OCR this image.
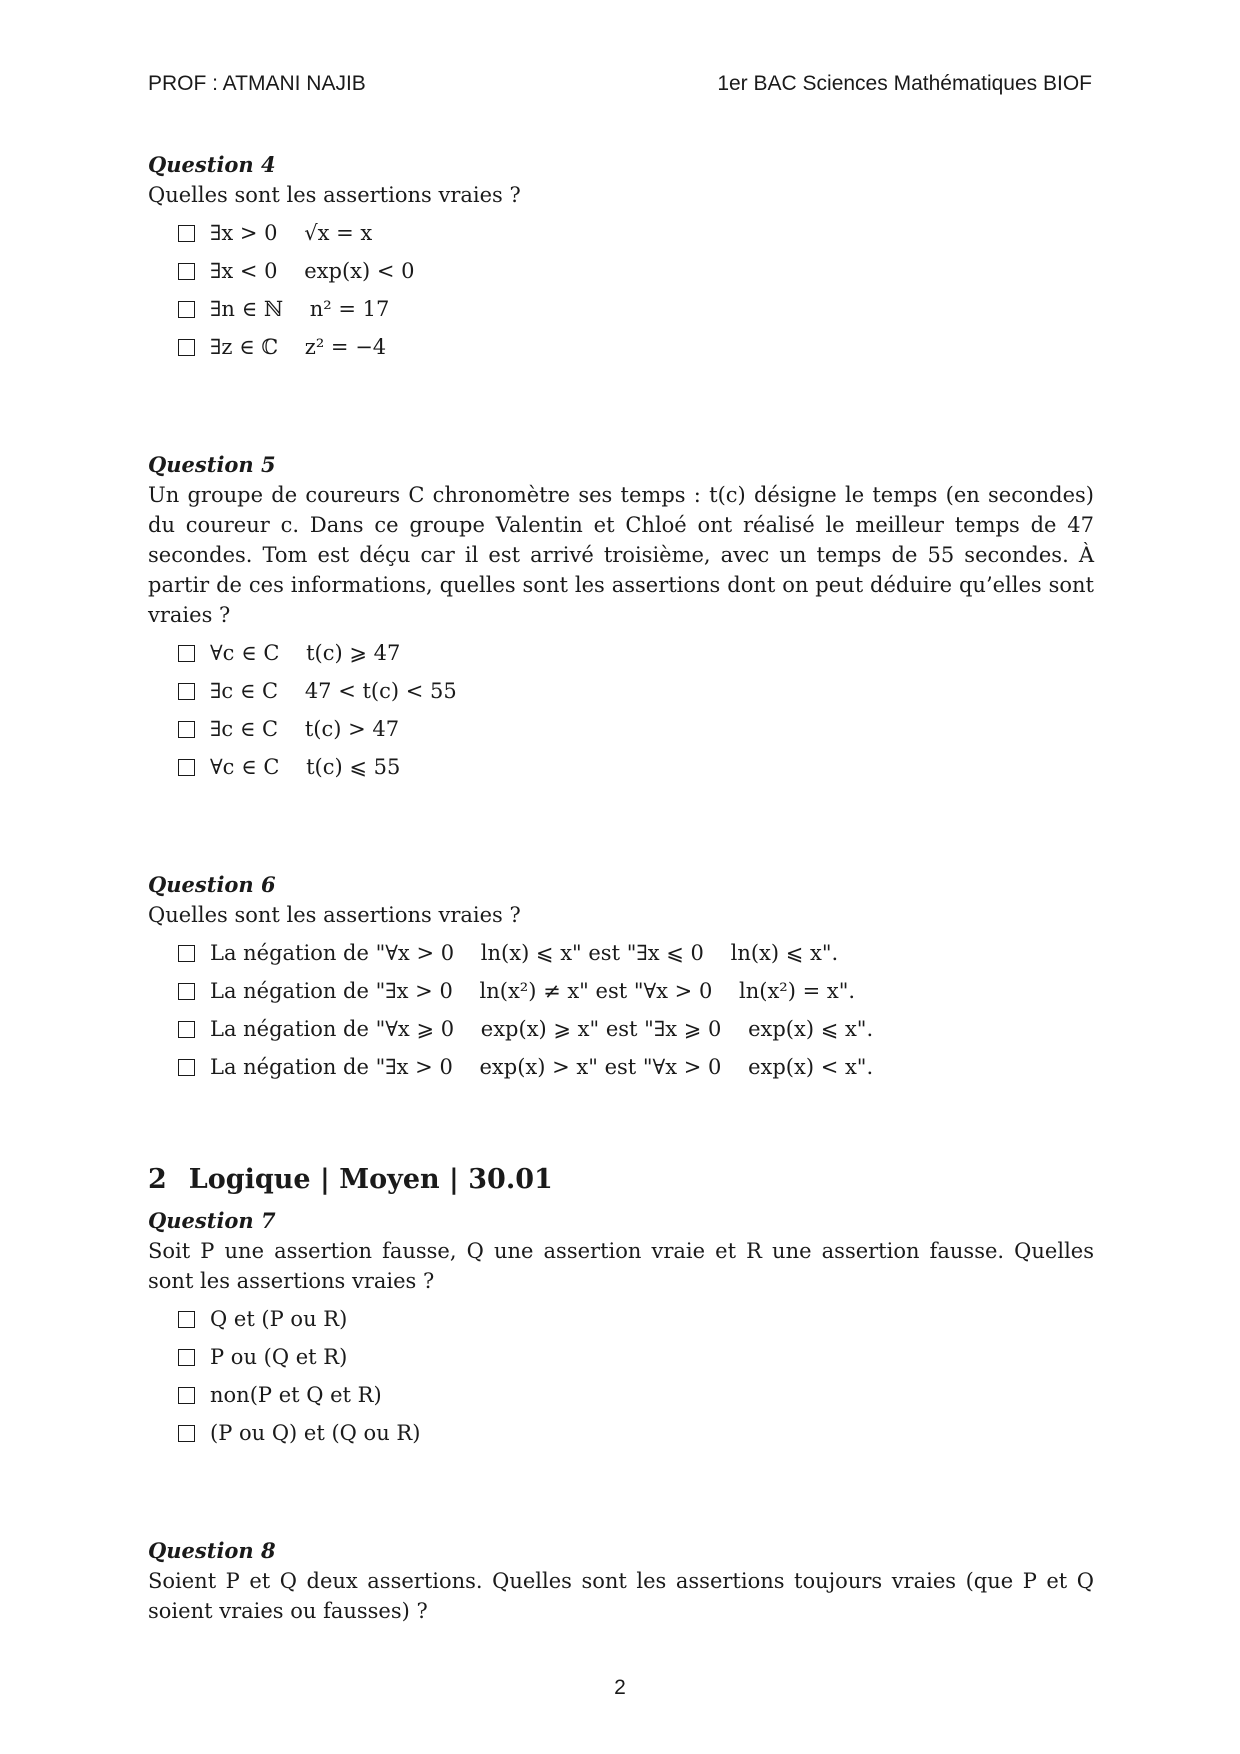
PROF : ATMANI NAJIB	1er BAC Sciences Mathématiques BIOF
Question 4
Quelles sont les assertions vraies ?
∃x > 0    √x = x
∃x < 0    exp(x) < 0
∃n ∈ ℕ    n² = 17
∃z ∈ ℂ    z² = −4
Question 5
Un groupe de coureurs C chronomètre ses temps : t(c) désigne le temps (en secondes) du coureur c. Dans ce groupe Valentin et Chloé ont réalisé le meilleur temps de 47 secondes. Tom est déçu car il est arrivé troisième, avec un temps de 55 secondes. À partir de ces informations, quelles sont les assertions dont on peut déduire qu’elles sont vraies ?
∀c ∈ C    t(c) ⩾ 47
∃c ∈ C    47 < t(c) < 55
∃c ∈ C    t(c) > 47
∀c ∈ C    t(c) ⩽ 55
Question 6
Quelles sont les assertions vraies ?
La négation de "∀x > 0    ln(x) ⩽ x" est "∃x ⩽ 0    ln(x) ⩽ x".
La négation de "∃x > 0    ln(x²) ≠ x" est "∀x > 0    ln(x²) = x".
La négation de "∀x ⩾ 0    exp(x) ⩾ x" est "∃x ⩾ 0    exp(x) ⩽ x".
La négation de "∃x > 0    exp(x) > x" est "∀x > 0    exp(x) < x".
2 Logique | Moyen | 30.01
Question 7
Soit P une assertion fausse, Q une assertion vraie et R une assertion fausse. Quelles sont les assertions vraies ?
Q et (P ou R)
P ou (Q et R)
non(P et Q et R)
(P ou Q) et (Q ou R)
Question 8
Soient P et Q deux assertions. Quelles sont les assertions toujours vraies (que P et Q soient vraies ou fausses) ?
2
